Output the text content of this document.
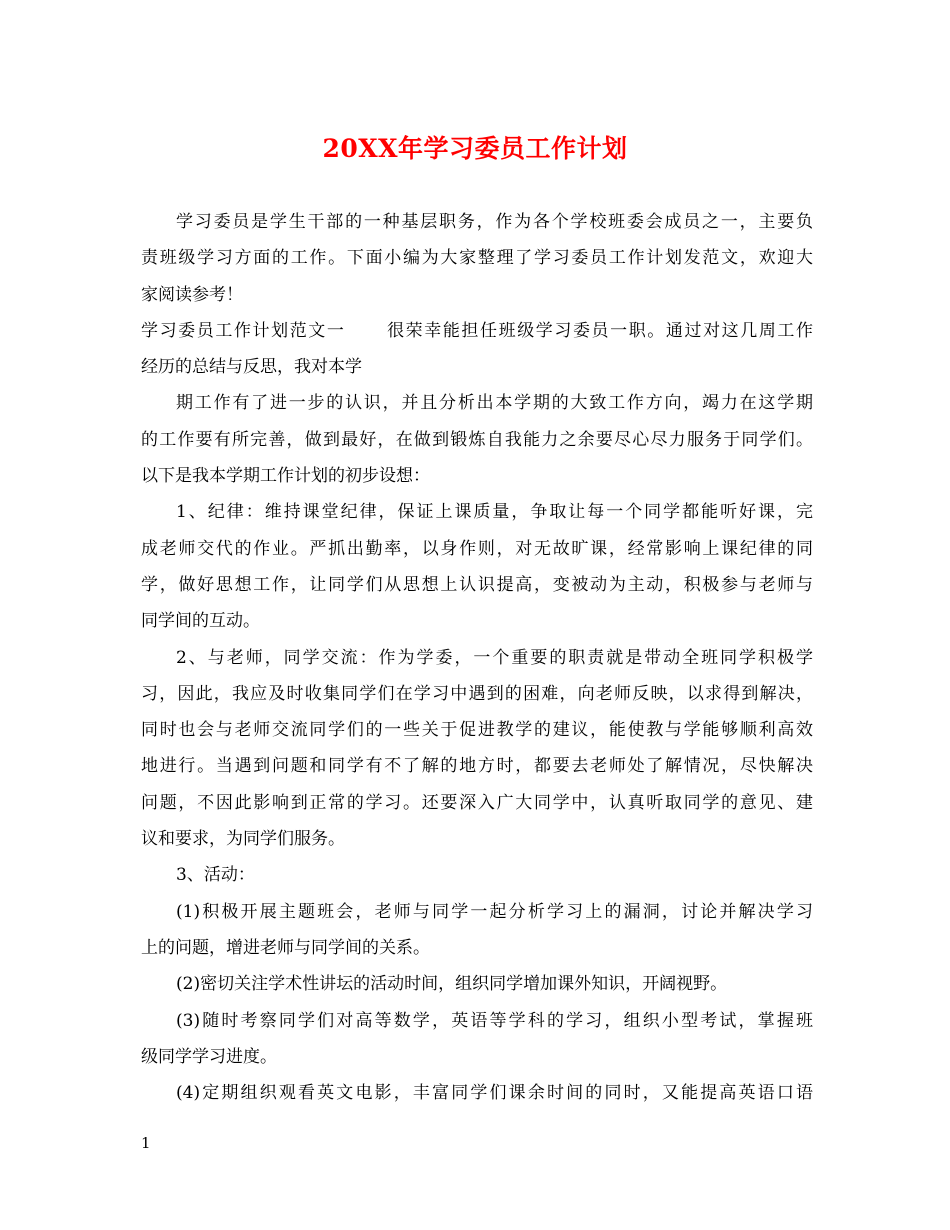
20XX年学习委员工作计划
学习委员是学生干部的一种基层职务，作为各个学校班委会成员之一，主要负
责班级学习方面的工作。下面小编为大家整理了学习委员工作计划发范文，欢迎大
家阅读参考！
学习委员工作计划范文一 很荣幸能担任班级学习委员一职。通过对这几周工作
经历的总结与反思，我对本学
期工作有了进一步的认识，并且分析出本学期的大致工作方向，竭力在这学期
的工作要有所完善，做到最好，在做到锻炼自我能力之余要尽心尽力服务于同学们。
以下是我本学期工作计划的初步设想：
1、纪律：维持课堂纪律，保证上课质量，争取让每一个同学都能听好课，完
成老师交代的作业。严抓出勤率，以身作则，对无故旷课，经常影响上课纪律的同
学，做好思想工作，让同学们从思想上认识提高，变被动为主动，积极参与老师与
同学间的互动。
2、与老师，同学交流：作为学委，一个重要的职责就是带动全班同学积极学
习，因此，我应及时收集同学们在学习中遇到的困难，向老师反映，以求得到解决，
同时也会与老师交流同学们的一些关于促进教学的建议，能使教与学能够顺利高效
地进行。当遇到问题和同学有不了解的地方时，都要去老师处了解情况，尽快解决
问题，不因此影响到正常的学习。还要深入广大同学中，认真听取同学的意见、建
议和要求，为同学们服务。
3、活动：
(1)积极开展主题班会，老师与同学一起分析学习上的漏洞，讨论并解决学习
上的问题，增进老师与同学间的关系。
(2)密切关注学术性讲坛的活动时间，组织同学增加课外知识，开阔视野。
(3)随时考察同学们对高等数学，英语等学科的学习，组织小型考试，掌握班
级同学学习进度。
(4)定期组织观看英文电影，丰富同学们课余时间的同时，又能提高英语口语
1
